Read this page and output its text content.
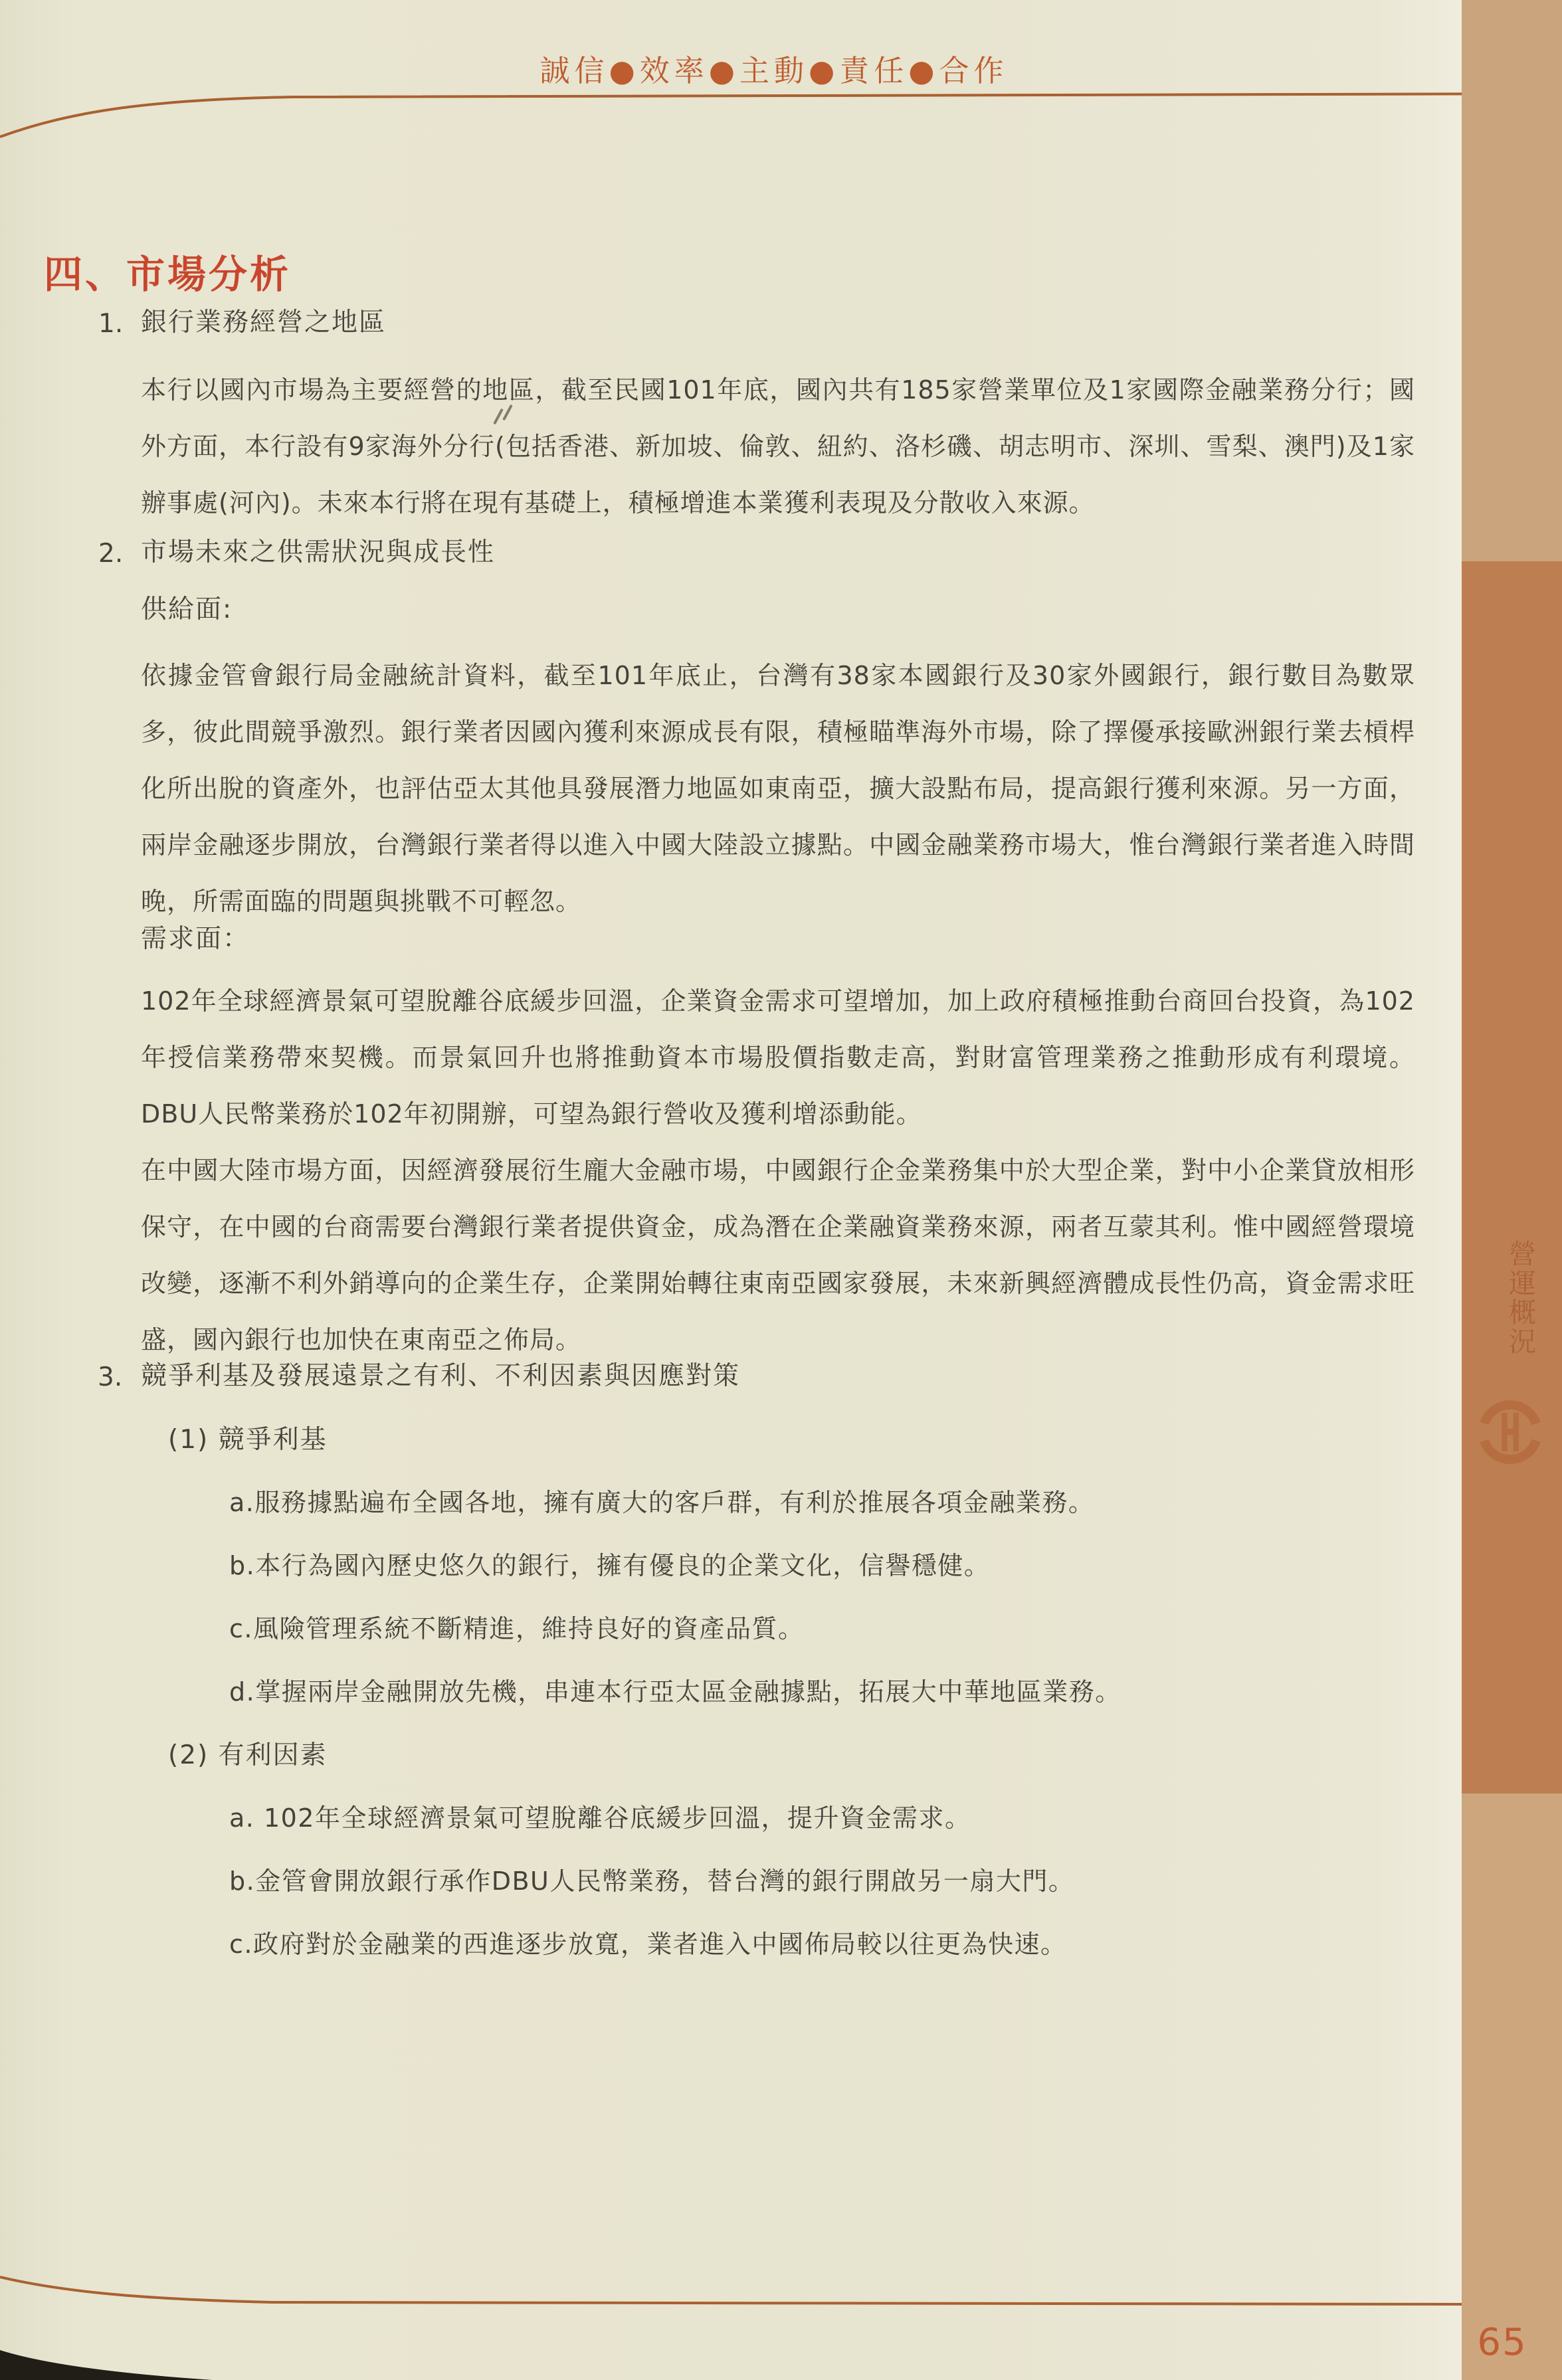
誠信●效率●主動●責任●合作
四、市場分析
1. 銀行業務經營之地區
本行以國內市場為主要經營的地區，截至民國101年底，國內共有185家營業單位及1家國際金融業務分行；國外方面，本行設有9家海外分行(包括香港、新加坡、倫敦、紐約、洛杉磯、胡志明市、深圳、雪梨、澳門)及1家辦事處(河內)。未來本行將在現有基礎上，積極增進本業獲利表現及分散收入來源。
2. 市場未來之供需狀況與成長性
供給面:
依據金管會銀行局金融統計資料，截至101年底止，台灣有38家本國銀行及30家外國銀行，銀行數目為數眾多，彼此間競爭激烈。銀行業者因國內獲利來源成長有限，積極瞄準海外市場，除了擇優承接歐洲銀行業去槓桿化所出脫的資產外，也評估亞太其他具發展潛力地區如東南亞，擴大設點布局，提高銀行獲利來源。另一方面，兩岸金融逐步開放，台灣銀行業者得以進入中國大陸設立據點。中國金融業務市場大，惟台灣銀行業者進入時間晚，所需面臨的問題與挑戰不可輕忽。
需求面：
102年全球經濟景氣可望脫離谷底緩步回溫，企業資金需求可望增加，加上政府積極推動台商回台投資，為102年授信業務帶來契機。而景氣回升也將推動資本市場股價指數走高，對財富管理業務之推動形成有利環境。DBU人民幣業務於102年初開辦，可望為銀行營收及獲利增添動能。
在中國大陸市場方面，因經濟發展衍生龐大金融市場，中國銀行企金業務集中於大型企業，對中小企業貸放相形保守，在中國的台商需要台灣銀行業者提供資金，成為潛在企業融資業務來源，兩者互蒙其利。惟中國經營環境改變，逐漸不利外銷導向的企業生存，企業開始轉往東南亞國家發展，未來新興經濟體成長性仍高，資金需求旺盛，國內銀行也加快在東南亞之佈局。
3. 競爭利基及發展遠景之有利、不利因素與因應對策
(1) 競爭利基
a.服務據點遍布全國各地，擁有廣大的客戶群，有利於推展各項金融業務。
b.本行為國內歷史悠久的銀行，擁有優良的企業文化，信譽穩健。
c.風險管理系統不斷精進，維持良好的資產品質。
d.掌握兩岸金融開放先機，串連本行亞太區金融據點，拓展大中華地區業務。
(2) 有利因素
a. 102年全球經濟景氣可望脫離谷底緩步回溫，提升資金需求。
b.金管會開放銀行承作DBU人民幣業務，替台灣的銀行開啟另一扇大門。
c.政府對於金融業的西進逐步放寬，業者進入中國佈局較以往更為快速。
營運概況
65
